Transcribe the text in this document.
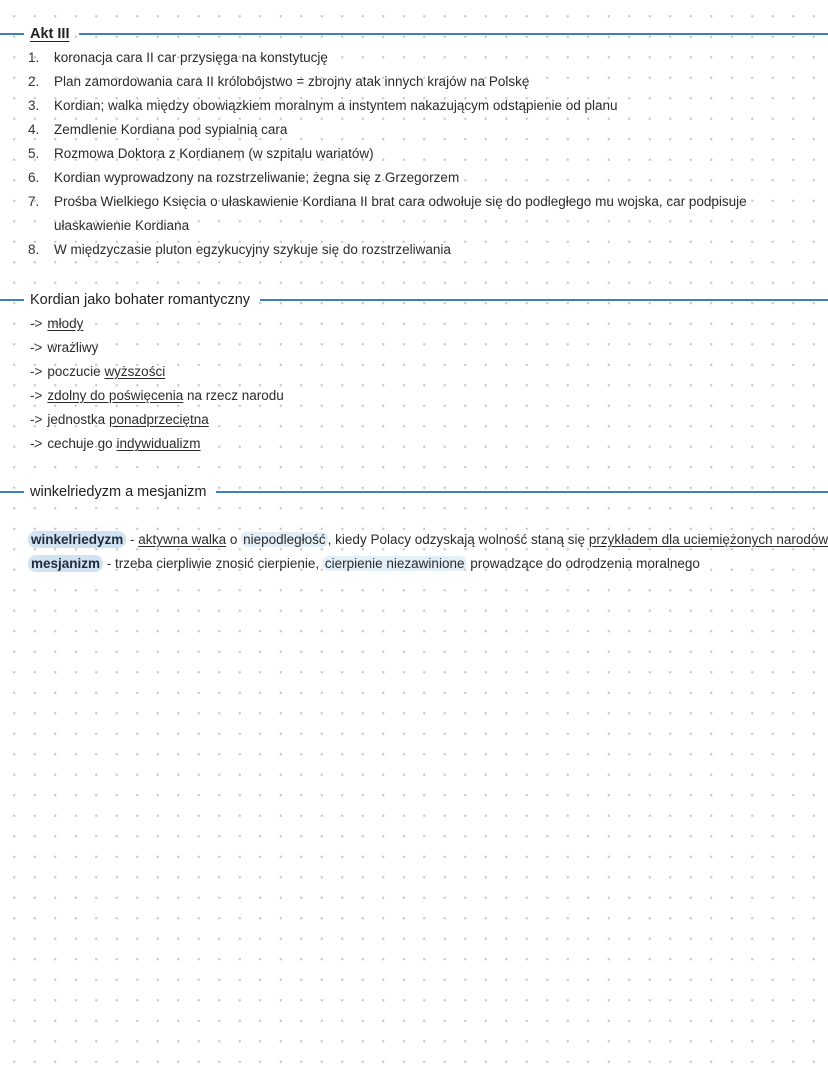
Akt III
1.	koronacja cara II car przysięga na konstytucję
2.	Plan zamordowania cara II królobójstwo = zbrojny atak innych krajów na Polskę
3.	Kordian; walka między obowiązkiem moralnym a instyntem nakazującym odstąpienie od planu
4.	Zemdlenie Kordiana pod sypialnią cara
5.	Rozmowa Doktora z Kordianem (w szpitalu wariatów)
6.	Kordian wyprowadzony na rozstrzeliwanie; żegna się z Grzegorzem
7.	Prośba Wielkiego Księcia o ułaskawienie Kordiana II brat cara odwołuje się do podległego mu wojska, car podpisuje ułaskawienie Kordiana
8.	W międzyczasie pluton egzykucyjny szykuje się do rozstrzeliwania
Kordian jako bohater romantyczny
-> młody
-> wrażliwy
-> poczucie wyższości
-> zdolny do poświęcenia na rzecz narodu
-> jednostka ponadprzeciętna
-> cechuje go indywidualizm
winkelriedyzm a mesjanizm
winkelriedyzm - aktywna walka o niepodległość , kiedy Polacy odzyskają wolność staną się przykładem dla uciemiężonych narodów
mesjanizm - trzeba cierpliwie znosić cierpienie, cierpienie niezawinione prowadzące do odrodzenia moralnego
